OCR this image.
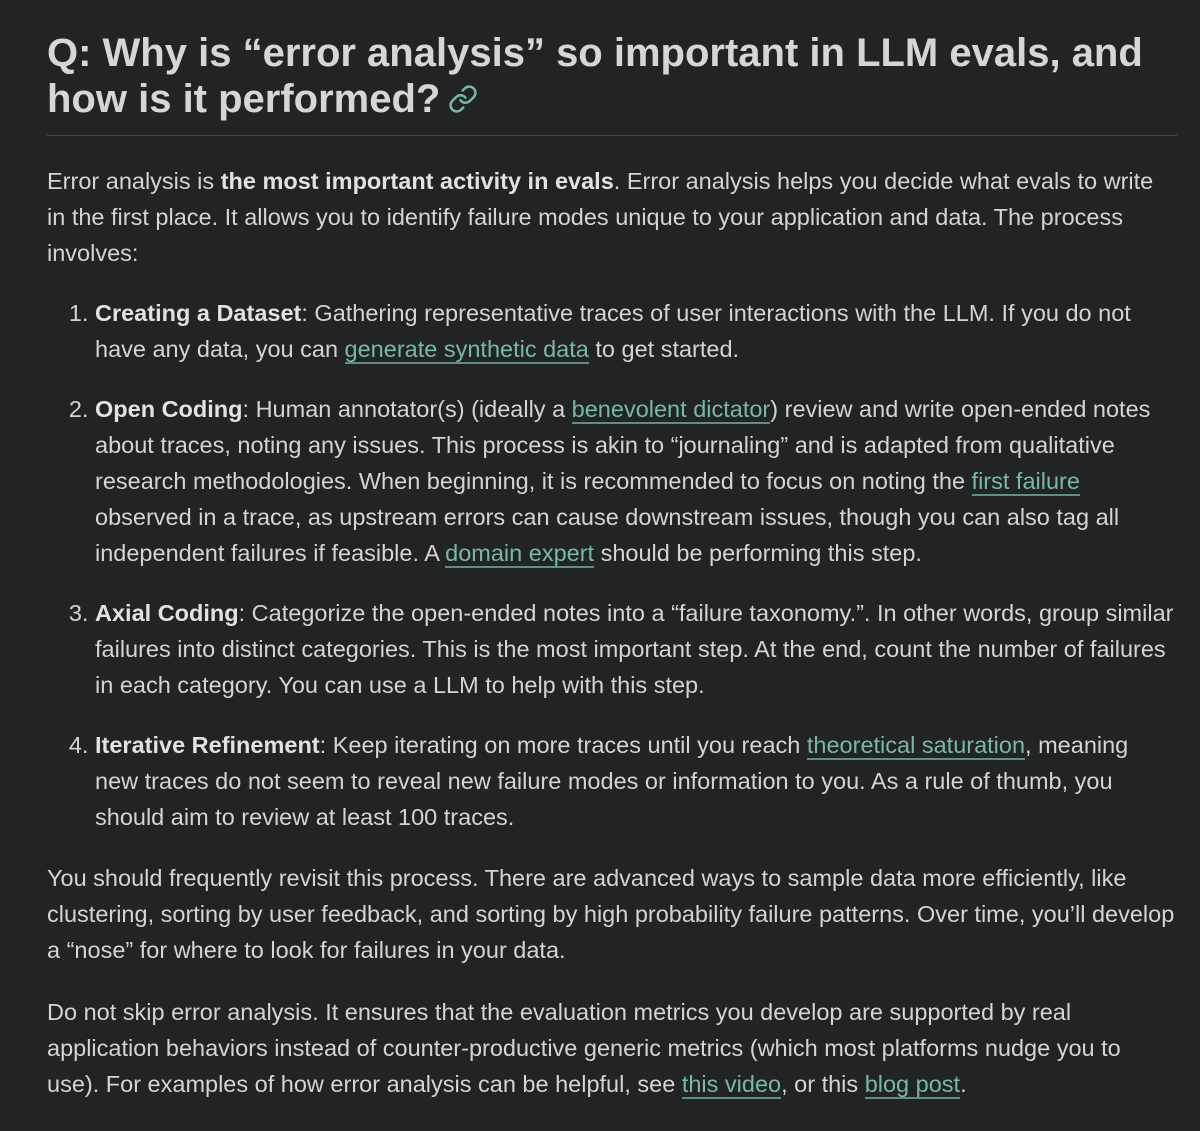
Q: Why is “error analysis” so important in LLM evals, and
how is it performed?

Error analysis is the most important activity in evals. Error analysis helps you decide what evals to write in the first place. It allows you to identify failure modes unique to your application and data. The process involves:

1. Creating a Dataset: Gathering representative traces of user interactions with the LLM. If you do not have any data, you can generate synthetic data to get started.
2. Open Coding: Human annotator(s) (ideally a benevolent dictator) review and write open-ended notes about traces, noting any issues. This process is akin to “journaling” and is adapted from qualitative research methodologies. When beginning, it is recommended to focus on noting the first failure observed in a trace, as upstream errors can cause downstream issues, though you can also tag all independent failures if feasible. A domain expert should be performing this step.
3. Axial Coding: Categorize the open-ended notes into a “failure taxonomy.”. In other words, group similar failures into distinct categories. This is the most important step. At the end, count the number of failures in each category. You can use a LLM to help with this step.
4. Iterative Refinement: Keep iterating on more traces until you reach theoretical saturation, meaning new traces do not seem to reveal new failure modes or information to you. As a rule of thumb, you should aim to review at least 100 traces.

You should frequently revisit this process. There are advanced ways to sample data more efficiently, like clustering, sorting by user feedback, and sorting by high probability failure patterns. Over time, you’ll develop a “nose” for where to look for failures in your data.

Do not skip error analysis. It ensures that the evaluation metrics you develop are supported by real application behaviors instead of counter-productive generic metrics (which most platforms nudge you to use). For examples of how error analysis can be helpful, see this video, or this blog post.
